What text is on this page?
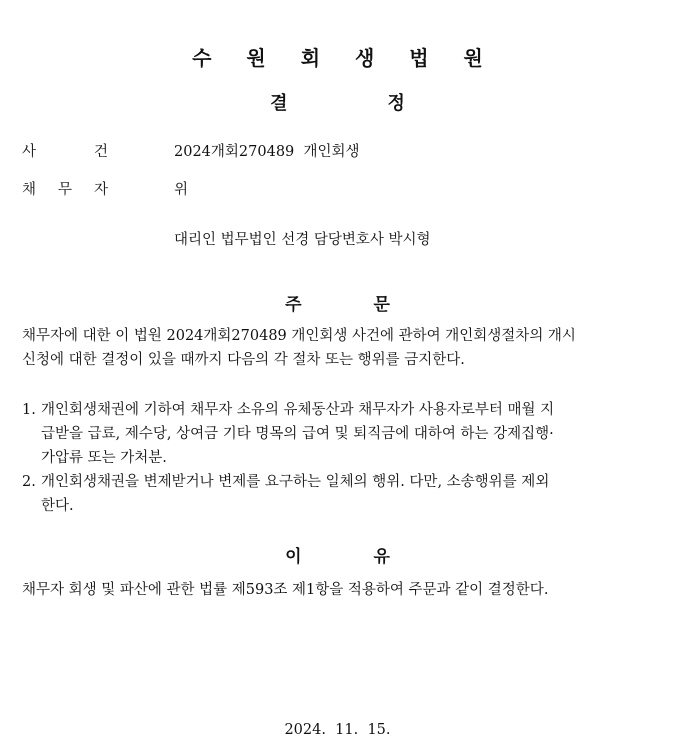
수 원 회 생 법 원
결	정
사	건	2024개회270489  개인회생
채 무 자	위
대리인 법무법인 선경 담당변호사 박시형
주	문
채무자에 대한 이 법원 2024개회270489 개인회생 사건에 관하여 개인회생절차의 개시
신청에 대한 결정이 있을 때까지 다음의 각 절차 또는 행위를 금지한다.
1. 개인회생채권에 기하여 채무자 소유의 유체동산과 채무자가 사용자로부터 매월 지
급받을 급료, 제수당, 상여금 기타 명목의 급여 및 퇴직금에 대하여 하는 강제집행·
가압류 또는 가처분.
2. 개인회생채권을 변제받거나 변제를 요구하는 일체의 행위. 다만, 소송행위를 제외
한다.
이	유
채무자 회생 및 파산에 관한 법률 제593조 제1항을 적용하여 주문과 같이 결정한다.
2024.  11.  15.
